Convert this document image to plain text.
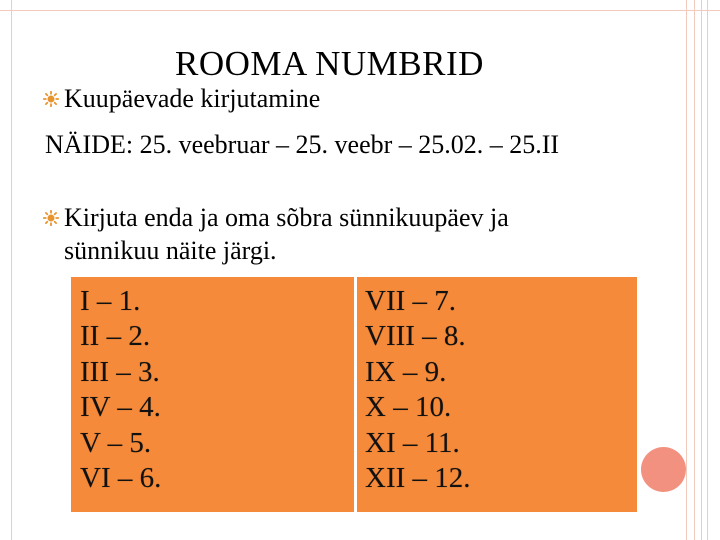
ROOMA NUMBRID
Kuupäevade kirjutamine
NÄIDE: 25. veebruar – 25. veebr – 25.02. – 25.II
Kirjuta enda ja oma sõbra sünnikuupäev ja
sünnikuu näite järgi.
I – 1.
II – 2.
III – 3.
IV – 4.
V – 5.
VI – 6.
VII – 7.
VIII – 8.
IX – 9.
X – 10.
XI – 11.
XII – 12.
